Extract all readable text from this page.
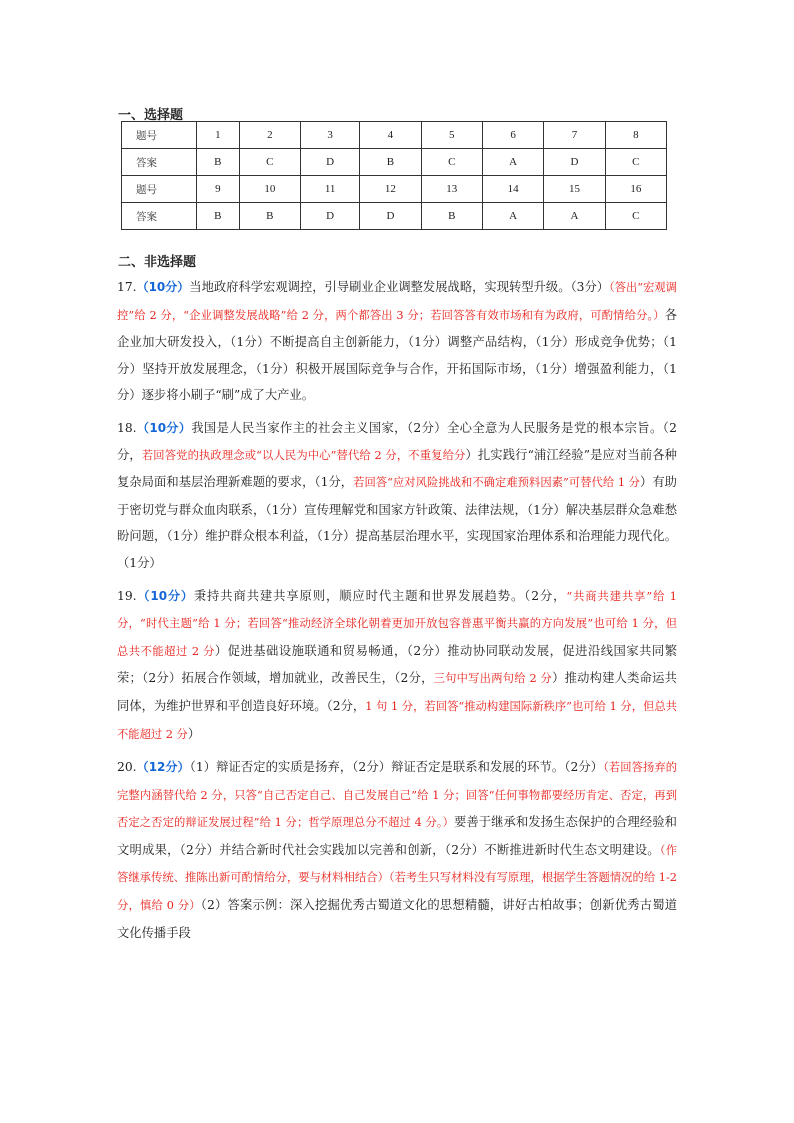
一、选择题
题号	1	2	3	4	5	6	7	8
答案	B	C	D	B	C	A	D	C
题号	9	10	11	12	13	14	15	16
答案	B	B	D	D	B	A	A	C
二、非选择题

17.（10分）当地政府科学宏观调控，引导刷业企业调整发展战略，实现转型升级。（3分）（答出“宏观调控”给 2 分，“企业调整发展战略”给 2 分，两个都答出 3 分；若回答答有效市场和有为政府，可酌情给分。）各企业加大研发投入，（1分）不断提高自主创新能力，（1分）调整产品结构，（1分）形成竞争优势；（1分）坚持开放发展理念，（1分）积极开展国际竞争与合作，开拓国际市场，（1分）增强盈利能力，（1分）逐步将小刷子“刷”成了大产业。

18.（10分）我国是人民当家作主的社会主义国家，（2分）全心全意为人民服务是党的根本宗旨。（2分，若回答党的执政理念或“以人民为中心”替代给 2 分，不重复给分）扎实践行“浦江经验”是应对当前各种复杂局面和基层治理新难题的要求，（1分，若回答“应对风险挑战和不确定难预料因素”可替代给 1 分）有助于密切党与群众血肉联系，（1分）宣传理解党和国家方针政策、法律法规，（1分）解决基层群众急难愁盼问题，（1分）维护群众根本利益，（1分）提高基层治理水平，实现国家治理体系和治理能力现代化。（1分）

19.（10分）秉持共商共建共享原则，顺应时代主题和世界发展趋势。（2分，“共商共建共享”给 1 分，“时代主题”给 1 分；若回答“推动经济全球化朝着更加开放包容普惠平衡共赢的方向发展”也可给 1 分，但总共不能超过 2 分）促进基础设施联通和贸易畅通，（2分）推动协同联动发展，促进沿线国家共同繁荣；（2分）拓展合作领域，增加就业，改善民生，（2分，三句中写出两句给 2 分）推动构建人类命运共同体，为维护世界和平创造良好环境。（2分，1 句 1 分，若回答“推动构建国际新秩序”也可给 1 分，但总共不能超过 2 分）

20.（12分）（1）辩证否定的实质是扬弃，（2分）辩证否定是联系和发展的环节。（2分）（若回答扬弃的完整内涵替代给 2 分，只答“自己否定自己、自己发展自己”给 1 分；回答“任何事物都要经历肯定、否定，再到否定之否定的辩证发展过程”给 1 分；哲学原理总分不超过 4 分。）要善于继承和发扬生态保护的合理经验和文明成果，（2分）并结合新时代社会实践加以完善和创新，（2分）不断推进新时代生态文明建设。（作答继承传统、推陈出新可酌情给分，要与材料相结合）（若考生只写材料没有写原理，根据学生答题情况的给 1-2 分，慎给 0 分）（2）答案示例：深入挖掘优秀古蜀道文化的思想精髓，讲好古柏故事；创新优秀古蜀道文化传播手段
